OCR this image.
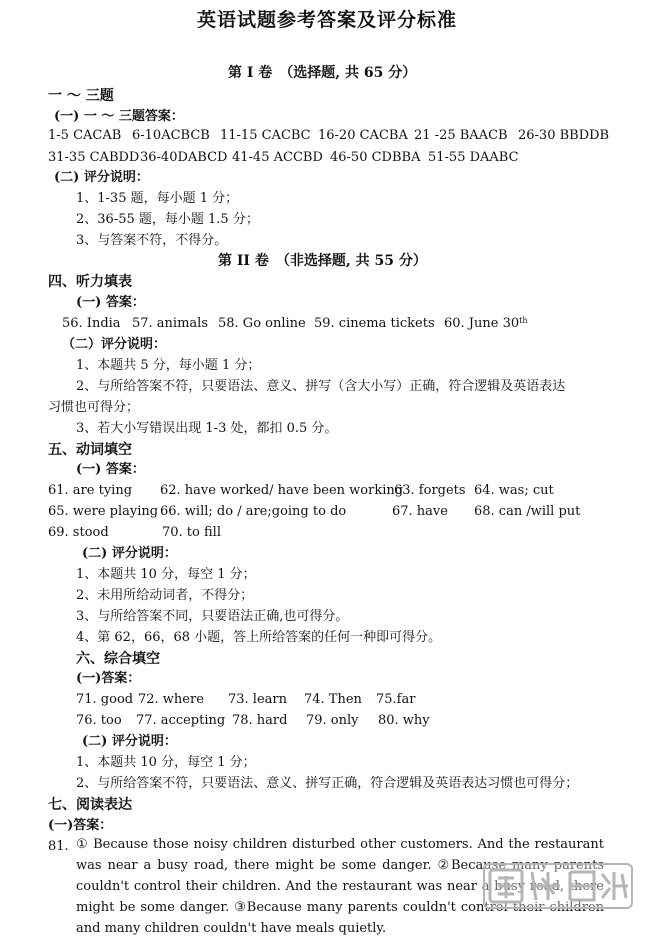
英语试题参考答案及评分标准
第 I 卷　（选择题, 共 65 分）
一 ～ 三题
(一) 一 ～ 三题答案：
1-5 CACAB 6-10ACBCB 11-15 CACBC 16-20 CACBA 21 -25 BAACB 26-30 BBDDB
31-35 CABDD 36-40DABCD 41-45 ACCBD 46-50 CDBBA 51-55 DAABC
(二) 评分说明：
1、1-35 题，每小题 1 分；
2、36-55 题，每小题 1.5 分；
3、与答案不符，不得分。
第 II 卷　（非选择题, 共 55 分）
四、听力填表
(一) 答案：
56. India 57. animals 58. Go online 59. cinema tickets 60. June 30th
（二）评分说明：
1、本题共 5 分，每小题 1 分；
2、与所给答案不符，只要语法、意义、拼写（含大小写）正确，符合逻辑及英语表达
习惯也可得分；
3、若大小写错误出现 1-3 处，都扣 0.5 分。
五、动词填空
(一) 答案：
61. are tying 62. have worked/ have been working
63. forgets 64. was; cut
65. were playing 66. will; do / are;going to do	67. have 68. can /will put
69. stood	70. to fill
(二) 评分说明：
1、本题共 10 分，每空 1 分；
2、未用所给动词者，不得分；
3、与所给答案不同，只要语法正确,也可得分。
4、第 62，66，68 小题，答上所给答案的任何一种即可得分。
六、综合填空
(一)答案：
71. good 72. where 73. learn 74. Then 75.far
76. too 77. accepting 78. hard 79. only 80. why
(二) 评分说明：
1、本题共 10 分，每空 1 分；
2、与所给答案不符，只要语法、意义、拼写正确，符合逻辑及英语表达习惯也可得分；
七、阅读表达
(一)答案：
81. ① Because those noisy children disturbed other customers. And the restaurant was near a busy road, there might be some danger. ②Because many parents couldn't control their children. And the restaurant was near a busy road, there might be some danger. ③Because many parents couldn't control their children and many children couldn't have meals quietly.
